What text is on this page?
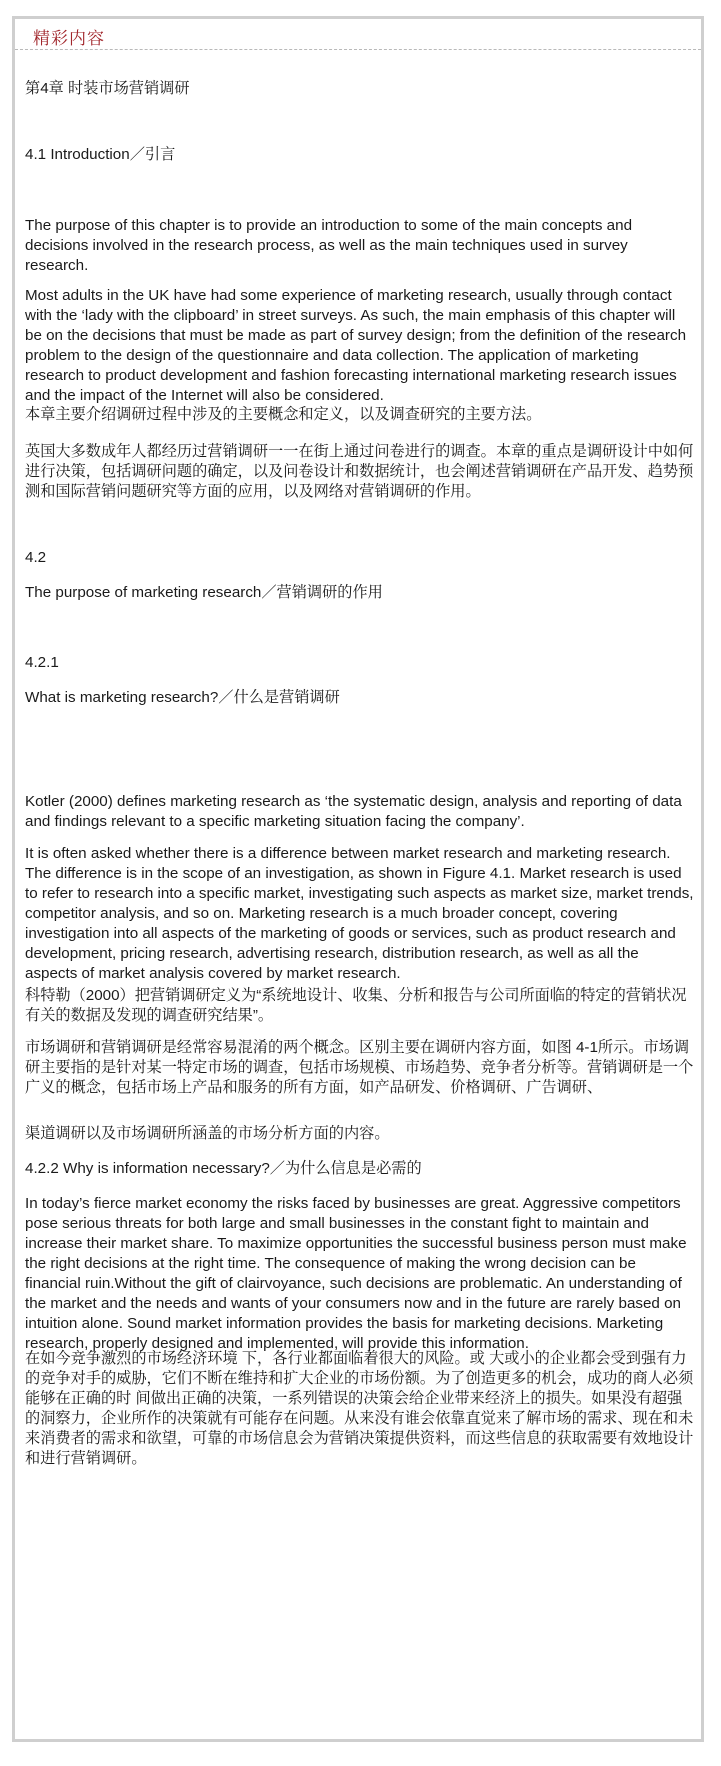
精彩内容

第4章 时装市场营销调研

4.1 Introduction／引言

The purpose of this chapter is to provide an introduction to some of the main concepts and decisions involved in the research process, as well as the main techniques used in survey research.

Most adults in the UK have had some experience of marketing research, usually through contact with the ‘lady with the clipboard’ in street surveys. As such, the main emphasis of this chapter will be on the decisions that must be made as part of survey design; from the definition of the research problem to the design of the questionnaire and data collection. The application of marketing research to product development and fashion forecasting international marketing research issues and the impact of the Internet will also be considered.

本章主要介绍调研过程中涉及的主要概念和定义，以及调查研究的主要方法。

英国大多数成年人都经历过营销调研一一在街上通过问卷进行的调查。本章的重点是调研设计中如何进行决策，包括调研问题的确定，以及问卷设计和数据统计，也会阐述营销调研在产品开发、趋势预测和国际营销问题研究等方面的应用，以及网络对营销调研的作用。

4.2

The purpose of marketing research／营销调研的作用

4.2.1

What is marketing research?／什么是营销调研

Kotler (2000) defines marketing research as ‘the systematic design, analysis and reporting of data and findings relevant to a specific marketing situation facing the company’.

It is often asked whether there is a difference between market research and marketing research. The difference is in the scope of an investigation, as shown in Figure 4.1. Market research is used to refer to research into a specific market, investigating such aspects as market size, market trends, competitor analysis, and so on. Marketing research is a much broader concept, covering investigation into all aspects of the marketing of goods or services, such as product research and development, pricing research, advertising research, distribution research, as well as all the aspects of market analysis covered by market research.

科特勒（2000）把营销调研定义为“系统地设计、收集、分析和报告与公司所面临的特定的营销状况有关的数据及发现的调查研究结果”。

市场调研和营销调研是经常容易混淆的两个概念。区别主要在调研内容方面，如图 4-1所示。市场调研主要指的是针对某一特定市场的调查，包括市场规模、市场趋势、竞争者分析等。营销调研是一个广义的概念，包括市场上产品和服务的所有方面，如产品研发、价格调研、广告调研、

渠道调研以及市场调研所涵盖的市场分析方面的内容。

4.2.2 Why is information necessary?／为什么信息是必需的

In today’s fierce market economy the risks faced by businesses are great. Aggressive competitors pose serious threats for both large and small businesses in the constant fight to maintain and increase their market share. To maximize opportunities the successful business person must make the right decisions at the right time. The consequence of making the wrong decision can be financial ruin.Without the gift of clairvoyance, such decisions are problematic. An understanding of the market and the needs and wants of your consumers now and in the future are rarely based on intuition alone. Sound market information provides the basis for marketing decisions. Marketing research, properly designed and implemented, will provide this information.

在如今竞争激烈的市场经济环境 下，各行业都面临着很大的风险。或 大或小的企业都会受到强有力的竞争对手的威胁，它们不断在维持和扩大企业的市场份额。为了创造更多的机会，成功的商人必须能够在正确的时 间做出正确的决策，一系列错误的决策会给企业带来经济上的损失。如果没有超强的洞察力，企业所作的决策就有可能存在问题。从来没有谁会依靠直觉来了解市场的需求、现在和未来消费者的需求和欲望，可靠的市场信息会为营销决策提供资料，而这些信息的获取需要有效地设计和进行营销调研。
